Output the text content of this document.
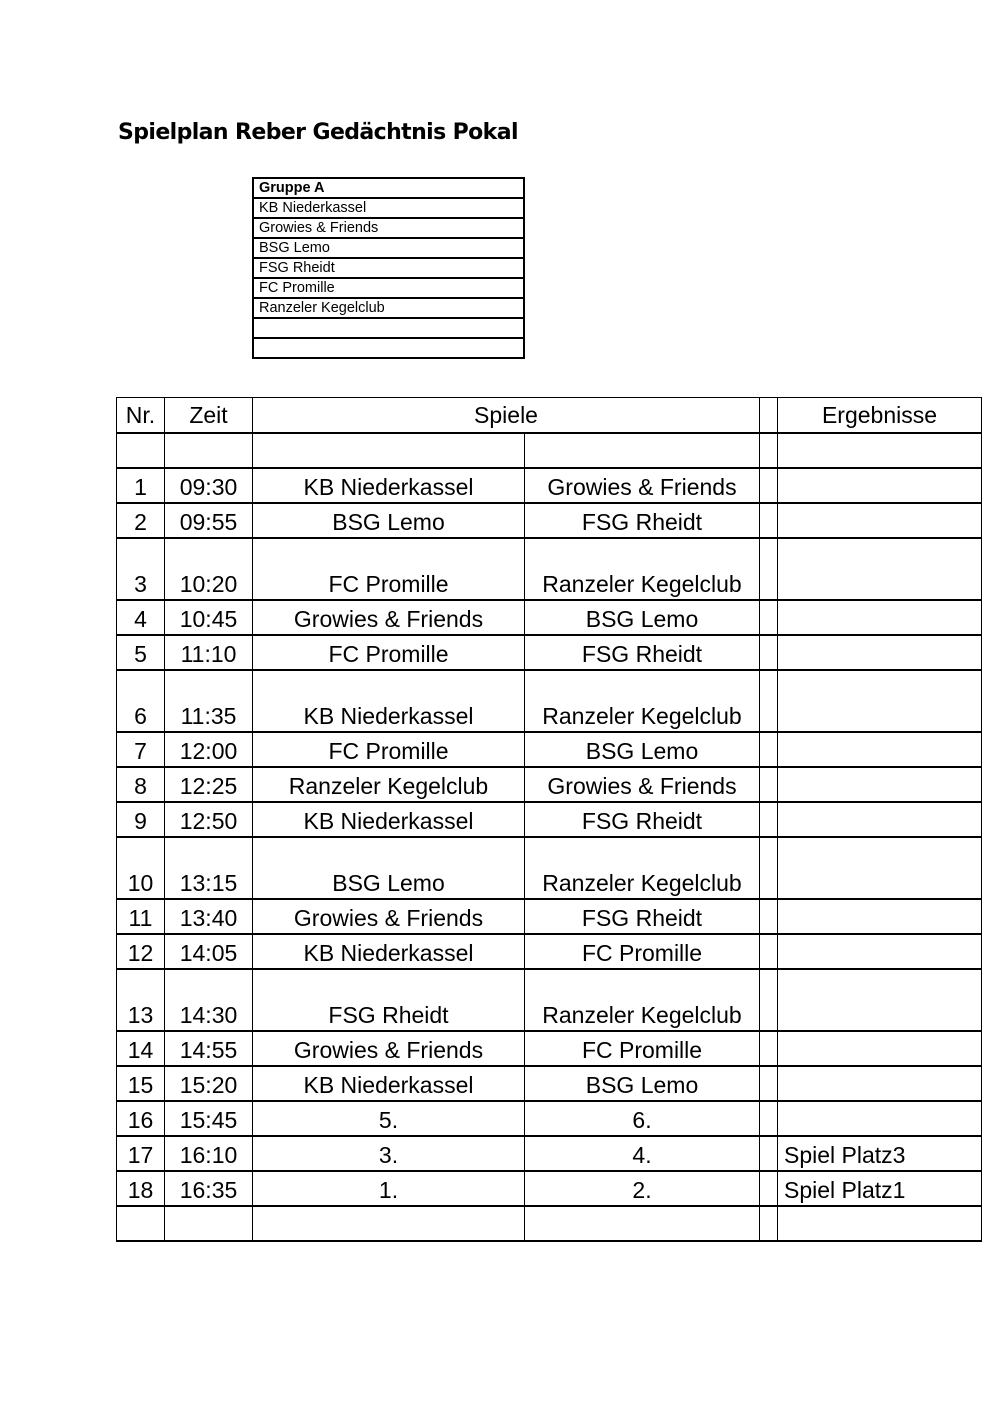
Spielplan Reber Gedächtnis Pokal
Gruppe A
KB Niederkassel
Growies & Friends
BSG Lemo
FSG Rheidt
FC Promille
Ranzeler Kegelclub

Nr.	Zeit	Spiele			Ergebnisse

1	09:30	KB Niederkassel	Growies & Friends		
2	09:55	BSG Lemo	FSG Rheidt		
3	10:20	FC Promille	Ranzeler Kegelclub		
4	10:45	Growies & Friends	BSG Lemo		
5	11:10	FC Promille	FSG Rheidt		
6	11:35	KB Niederkassel	Ranzeler Kegelclub		
7	12:00	FC Promille	BSG Lemo		
8	12:25	Ranzeler Kegelclub	Growies & Friends		
9	12:50	KB Niederkassel	FSG Rheidt		
10	13:15	BSG Lemo	Ranzeler Kegelclub		
11	13:40	Growies & Friends	FSG Rheidt		
12	14:05	KB Niederkassel	FC Promille		
13	14:30	FSG Rheidt	Ranzeler Kegelclub		
14	14:55	Growies & Friends	FC Promille		
15	15:20	KB Niederkassel	BSG Lemo		
16	15:45	5.	6.		
17	16:10	3.	4.		Spiel Platz3
18	16:35	1.	2.		Spiel Platz1
